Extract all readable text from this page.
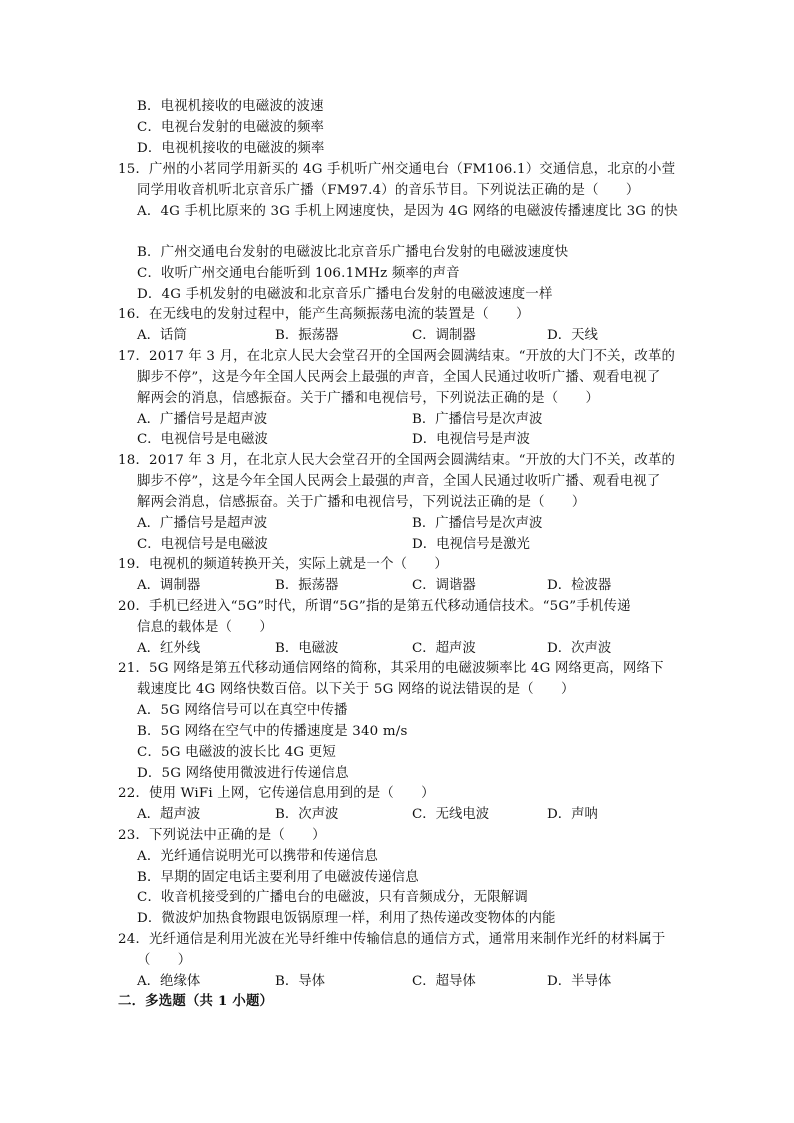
B．电视机接收的电磁波的波速
C．电视台发射的电磁波的频率
D．电视机接收的电磁波的频率
15．广州的小茗同学用新买的 4G 手机听广州交通电台（FM106.1）交通信息，北京的小萱
同学用收音机听北京音乐广播（FM97.4）的音乐节目。下列说法正确的是（　　）
A．4G 手机比原来的 3G 手机上网速度快，是因为 4G 网络的电磁波传播速度比 3G 的快
B．广州交通电台发射的电磁波比北京音乐广播电台发射的电磁波速度快
C．收听广州交通电台能听到 106.1MHz 频率的声音
D．4G 手机发射的电磁波和北京音乐广播电台发射的电磁波速度一样
16．在无线电的发射过程中，能产生高频振荡电流的装置是（　　）
A．话筒	B．振荡器	C．调制器	D．天线
17．2017 年 3 月，在北京人民大会堂召开的全国两会圆满结束。“开放的大门不关，改革的
脚步不停”，这是今年全国人民两会上最强的声音，全国人民通过收听广播、观看电视了
解两会的消息，信感振奋。关于广播和电视信号，下列说法正确的是（　　）
A．广播信号是超声波	B．广播信号是次声波
C．电视信号是电磁波	D．电视信号是声波
18．2017 年 3 月，在北京人民大会堂召开的全国两会圆满结束。“开放的大门不关，改革的
脚步不停”，这是今年全国人民两会上最强的声音，全国人民通过收听广播、观看电视了
解两会消息，信感振奋。关于广播和电视信号，下列说法正确的是（　　）
A．广播信号是超声波	B．广播信号是次声波
C．电视信号是电磁波	D．电视信号是激光
19．电视机的频道转换开关，实际上就是一个（　　）
A．调制器	B．振荡器	C．调谐器	D．检波器
20．手机已经进入“5G”时代，所谓“5G”指的是第五代移动通信技术。“5G”手机传递
信息的载体是（　　）
A．红外线	B．电磁波	C．超声波	D．次声波
21．5G 网络是第五代移动通信网络的简称，其采用的电磁波频率比 4G 网络更高，网络下
载速度比 4G 网络快数百倍。以下关于 5G 网络的说法错误的是（　　）
A．5G 网络信号可以在真空中传播
B．5G 网络在空气中的传播速度是 340 m/s
C．5G 电磁波的波长比 4G 更短
D．5G 网络使用微波进行传递信息
22．使用 WiFi 上网，它传递信息用到的是（　　）
A．超声波	B．次声波	C．无线电波	D．声呐
23．下列说法中正确的是（　　）
A．光纤通信说明光可以携带和传递信息
B．早期的固定电话主要利用了电磁波传递信息
C．收音机接受到的广播电台的电磁波，只有音频成分，无限解调
D．微波炉加热食物跟电饭锅原理一样，利用了热传递改变物体的内能
24．光纤通信是利用光波在光导纤维中传输信息的通信方式，通常用来制作光纤的材料属于
（　　）
A．绝缘体	B．导体	C．超导体	D．半导体
二．多选题（共 1 小题）
